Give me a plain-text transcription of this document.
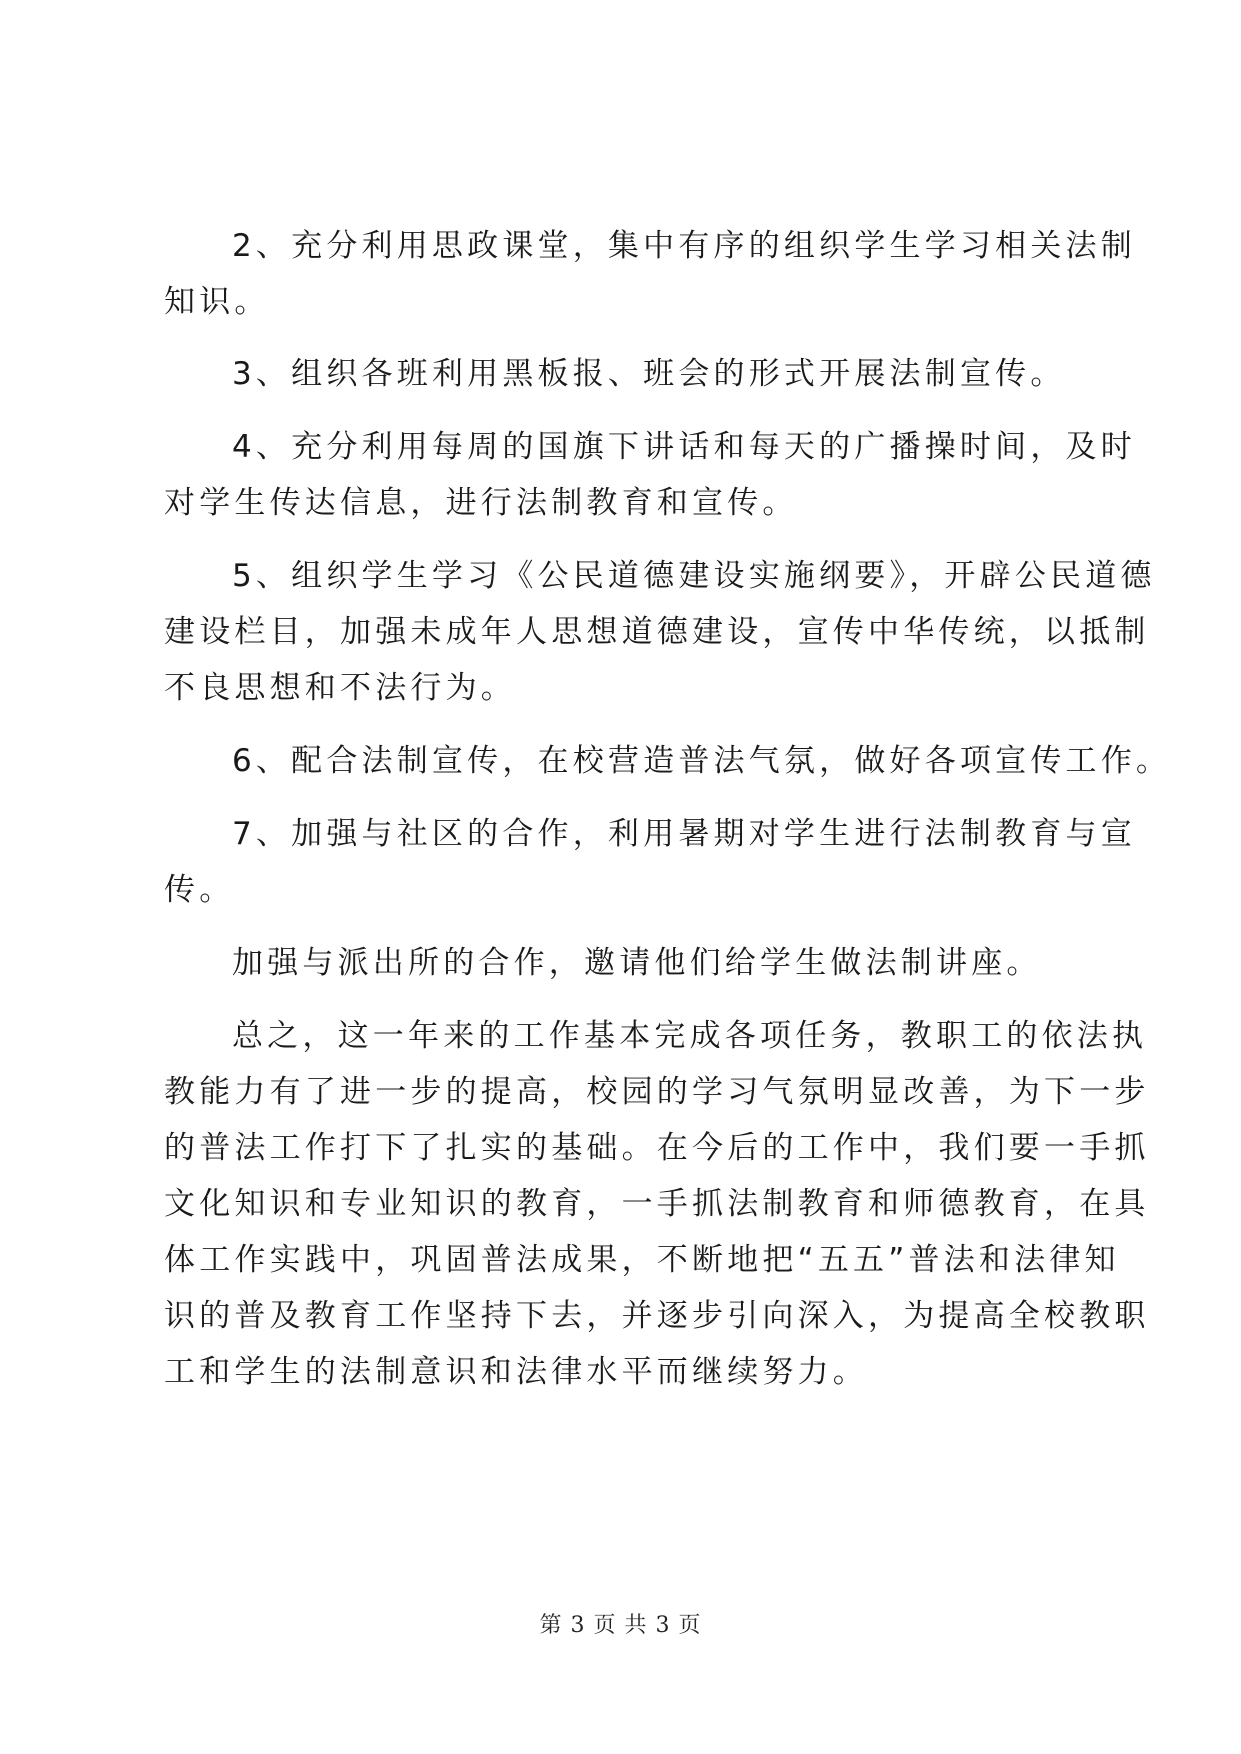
2、充分利用思政课堂，集中有序的组织学生学习相关法制
知识。
3、组织各班利用黑板报、班会的形式开展法制宣传。
4、充分利用每周的国旗下讲话和每天的广播操时间，及时
对学生传达信息，进行法制教育和宣传。
5、组织学生学习《公民道德建设实施纲要》，开辟公民道德
建设栏目，加强未成年人思想道德建设，宣传中华传统，以抵制
不良思想和不法行为。
6、配合法制宣传，在校营造普法气氛，做好各项宣传工作。
7、加强与社区的合作，利用暑期对学生进行法制教育与宣
传。
加强与派出所的合作，邀请他们给学生做法制讲座。
总之，这一年来的工作基本完成各项任务，教职工的依法执
教能力有了进一步的提高，校园的学习气氛明显改善，为下一步
的普法工作打下了扎实的基础。在今后的工作中，我们要一手抓
文化知识和专业知识的教育，一手抓法制教育和师德教育，在具
体工作实践中，巩固普法成果，不断地把“五五”普法和法律知
识的普及教育工作坚持下去，并逐步引向深入，为提高全校教职
工和学生的法制意识和法律水平而继续努力。
第 3 页 共 3 页
